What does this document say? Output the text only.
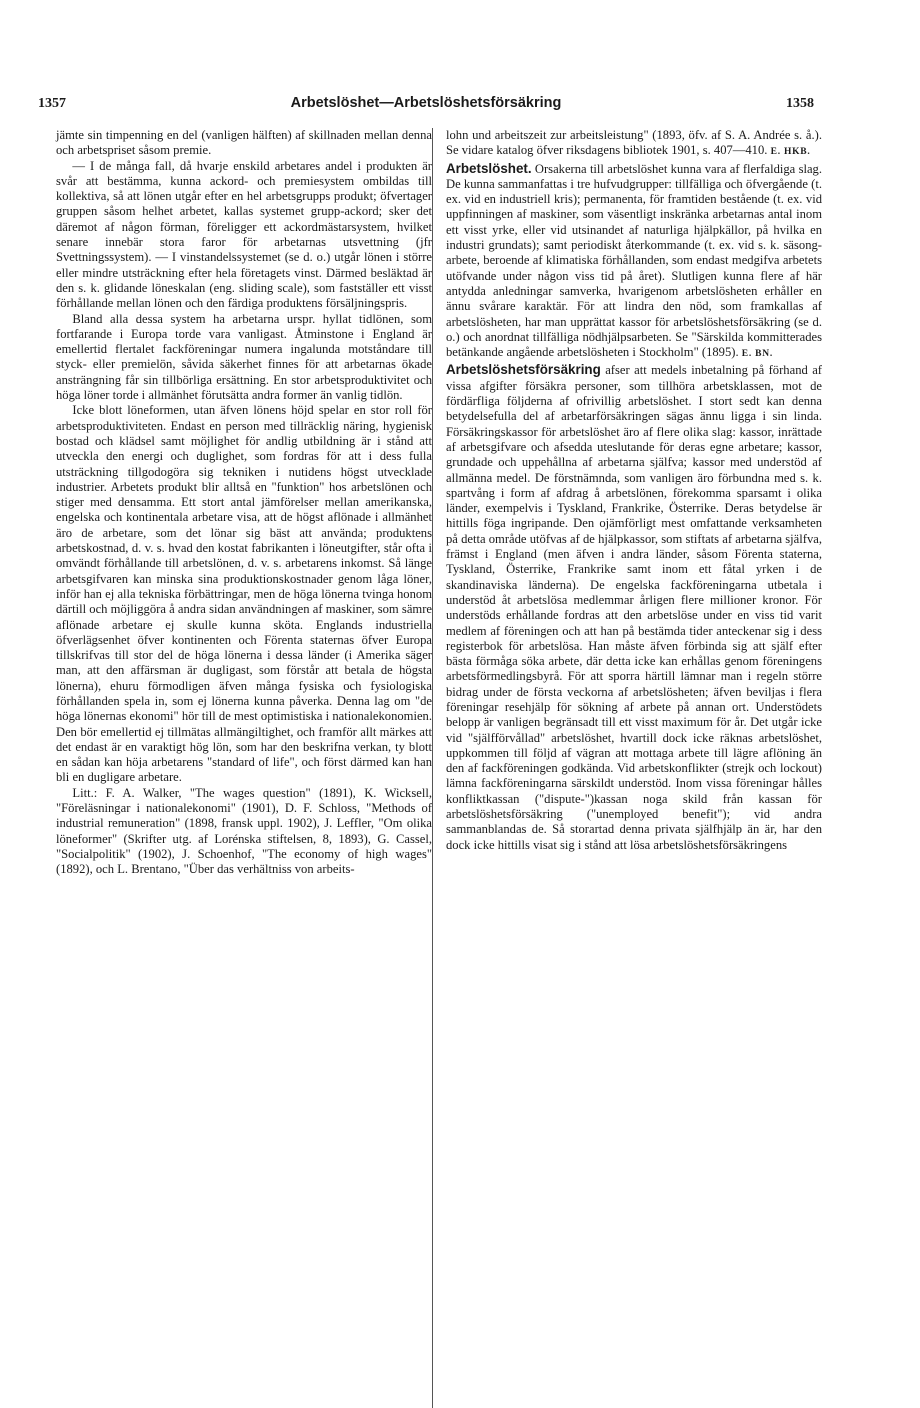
1357	Arbetslöshet—Arbetslöshetsförsäkring	1358

jämte sin timpenning en del (vanligen hälften) af skillnaden mellan denna och arbetspriset såsom premie.

— I de många fall, då hvarje enskild arbetares andel i produkten är svår att bestämma, kunna ackord- och premiesystem ombildas till kollektiva, så att lönen utgår efter en hel arbetsgrupps produkt; öfvertager gruppen såsom helhet arbetet, kallas systemet grupp-ackord; sker det däremot af någon förman, föreligger ett ackordmästarsystem, hvilket senare innebär stora faror för arbetarnas utsvettning (jfr Svettningssystem). — I vinstandelssystemet (se d. o.) utgår lönen i större eller mindre utsträckning efter hela företagets vinst. Därmed besläktad är den s. k. glidande löneskalan (eng. sliding scale), som fastställer ett visst förhållande mellan lönen och den färdiga produktens försäljningspris.

Bland alla dessa system ha arbetarna urspr. hyllat tidlönen, som fortfarande i Europa torde vara vanligast. Åtminstone i England är emellertid flertalet fackföreningar numera ingalunda motståndare till styck- eller premielön, såvida säkerhet finnes för att arbetarnas ökade ansträngning får sin tillbörliga ersättning. En stor arbetsproduktivitet och höga löner torde i allmänhet förutsätta andra former än vanlig tidlön.

Icke blott löneformen, utan äfven lönens höjd spelar en stor roll för arbetsproduktiviteten. Endast en person med tillräcklig näring, hygienisk bostad och klädsel samt möjlighet för andlig utbildning är i stånd att utveckla den energi och duglighet, som fordras för att i dess fulla utsträckning tillgodogöra sig tekniken i nutidens högst utvecklade industrier. Arbetets produkt blir alltså en "funktion" hos arbetslönen och stiger med densamma. Ett stort antal jämförelser mellan amerikanska, engelska och kontinentala arbetare visa, att de högst aflönade i allmänhet äro de arbetare, som det lönar sig bäst att använda; produktens arbetskostnad, d. v. s. hvad den kostat fabrikanten i löneutgifter, står ofta i omvändt förhållande till arbetslönen, d. v. s. arbetarens inkomst. Så länge arbetsgifvaren kan minska sina produktionskostnader genom låga löner, inför han ej alla tekniska förbättringar, men de höga lönerna tvinga honom därtill och möjliggöra å andra sidan användningen af maskiner, som sämre aflönade arbetare ej skulle kunna sköta. Englands industriella öfverlägsenhet öfver kontinenten och Förenta staternas öfver Europa tillskrifvas till stor del de höga lönerna i dessa länder (i Amerika säger man, att den affärsman är dugligast, som förstår att betala de högsta lönerna), ehuru förmodligen äfven många fysiska och fysiologiska förhållanden spela in, som ej lönerna kunna påverka. Denna lag om "de höga lönernas ekonomi" hör till de mest optimistiska i nationalekonomien. Den bör emellertid ej tillmätas allmängiltighet, och framför allt märkes att det endast är en varaktigt hög lön, som har den beskrifna verkan, ty blott en sådan kan höja arbetarens "standard of life", och först därmed kan han bli en dugligare arbetare.

Litt.: F. A. Walker, "The wages question" (1891), K. Wicksell, "Föreläsningar i nationalekonomi" (1901), D. F. Schloss, "Methods of industrial remuneration" (1898, fransk uppl. 1902), J. Leffler, "Om olika löneformer" (Skrifter utg. af Lorénska stiftelsen, 8, 1893), G. Cassel, "Socialpolitik" (1902), J. Schoenhof, "The economy of high wages" (1892), och L. Brentano, "Über das verhältniss von arbeits-

lohn und arbeitszeit zur arbeitsleistung" (1893, öfv. af S. A. Andrée s. å.). Se vidare katalog öfver riksdagens bibliotek 1901, s. 407—410. E. HKB.

Arbetslöshet. Orsakerna till arbetslöshet kunna vara af flerfaldiga slag. De kunna sammanfattas i tre hufvudgrupper: tillfälliga och öfvergående (t. ex. vid en industriell kris); permanenta, för framtiden bestående (t. ex. vid uppfinningen af maskiner, som väsentligt inskränka arbetarnas antal inom ett visst yrke, eller vid utsinandet af naturliga hjälpkällor, på hvilka en industri grundats); samt periodiskt återkommande (t. ex. vid s. k. säsong-arbete, beroende af klimatiska förhållanden, som endast medgifva arbetets utöfvande under någon viss tid på året). Slutligen kunna flere af här antydda anledningar samverka, hvarigenom arbetslösheten erhåller en ännu svårare karaktär. För att lindra den nöd, som framkallas af arbetslösheten, har man upprättat kassor för arbetslöshetsförsäkring (se d. o.) och anordnat tillfälliga nödhjälpsarbeten. Se "Särskilda kommitterades betänkande angående arbetslösheten i Stockholm" (1895). E. BN.

Arbetslöshetsförsäkring afser att medels inbetalning på förhand af vissa afgifter försäkra personer, som tillhöra arbetsklassen, mot de fördärfliga följderna af ofrivillig arbetslöshet. I stort sedt kan denna betydelsefulla del af arbetarförsäkringen sägas ännu ligga i sin linda. Försäkringskassor för arbetslöshet äro af flere olika slag: kassor, inrättade af arbetsgifvare och afsedda uteslutande för deras egne arbetare; kassor, grundade och uppehållna af arbetarna själfva; kassor med understöd af allmänna medel. De förstnämnda, som vanligen äro förbundna med s. k. spartvång i form af afdrag å arbetslönen, förekomma sparsamt i olika länder, exempelvis i Tyskland, Frankrike, Österrike. Deras betydelse är hittills föga ingripande. Den ojämförligt mest omfattande verksamheten på detta område utöfvas af de hjälpkassor, som stiftats af arbetarna själfva, främst i England (men äfven i andra länder, såsom Förenta staterna, Tyskland, Österrike, Frankrike samt inom ett fåtal yrken i de skandinaviska länderna). De engelska fackföreningarna utbetala i understöd åt arbetslösa medlemmar årligen flere millioner kronor. För understöds erhållande fordras att den arbetslöse under en viss tid varit medlem af föreningen och att han på bestämda tider anteckenar sig i dess registerbok för arbetslösa. Han måste äfven förbinda sig att själf efter bästa förmåga söka arbete, där detta icke kan erhållas genom föreningens arbetsförmedlingsbyrå. För att sporra härtill lämnar man i regeln större bidrag under de första veckorna af arbetslösheten; äfven beviljas i flera föreningar resehjälp för sökning af arbete på annan ort. Understödets belopp är vanligen begränsadt till ett visst maximum för år. Det utgår icke vid "själfförvållad" arbetslöshet, hvartill dock icke räknas arbetslöshet, uppkommen till följd af vägran att mottaga arbete till lägre aflöning än den af fackföreningen godkända. Vid arbetskonflikter (strejk och lockout) lämna fackföreningarna särskildt understöd. Inom vissa föreningar hålles konfliktkassan ("dispute-")kassan noga skild från kassan för arbetslöshetsförsäkring ("unemployed benefit"); vid andra sammanblandas de. Så storartad denna privata själfhjälp än är, har den dock icke hittills visat sig i stånd att lösa arbetslöshetsförsäkringens
